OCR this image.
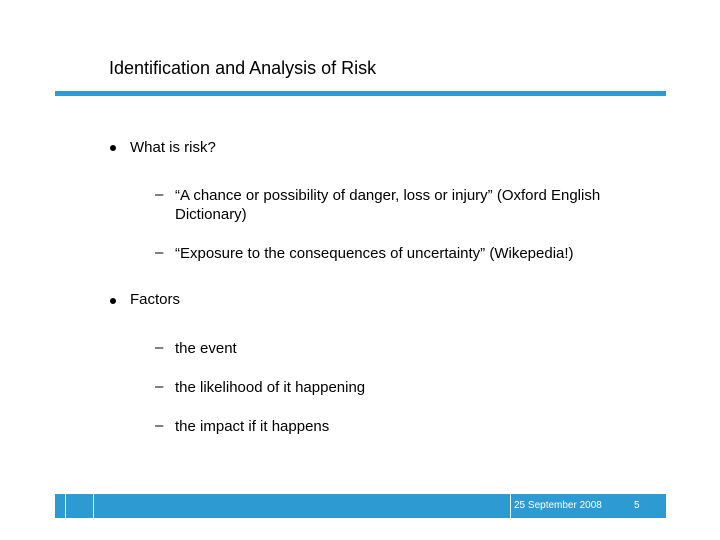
Identification and Analysis of Risk
What is risk?
– “A chance or possibility of danger, loss or injury” (Oxford English Dictionary)
– “Exposure to the consequences of uncertainty” (Wikepedia!)
Factors
– the event
– the likelihood of it happening
– the impact if it happens
25 September 2008	5
